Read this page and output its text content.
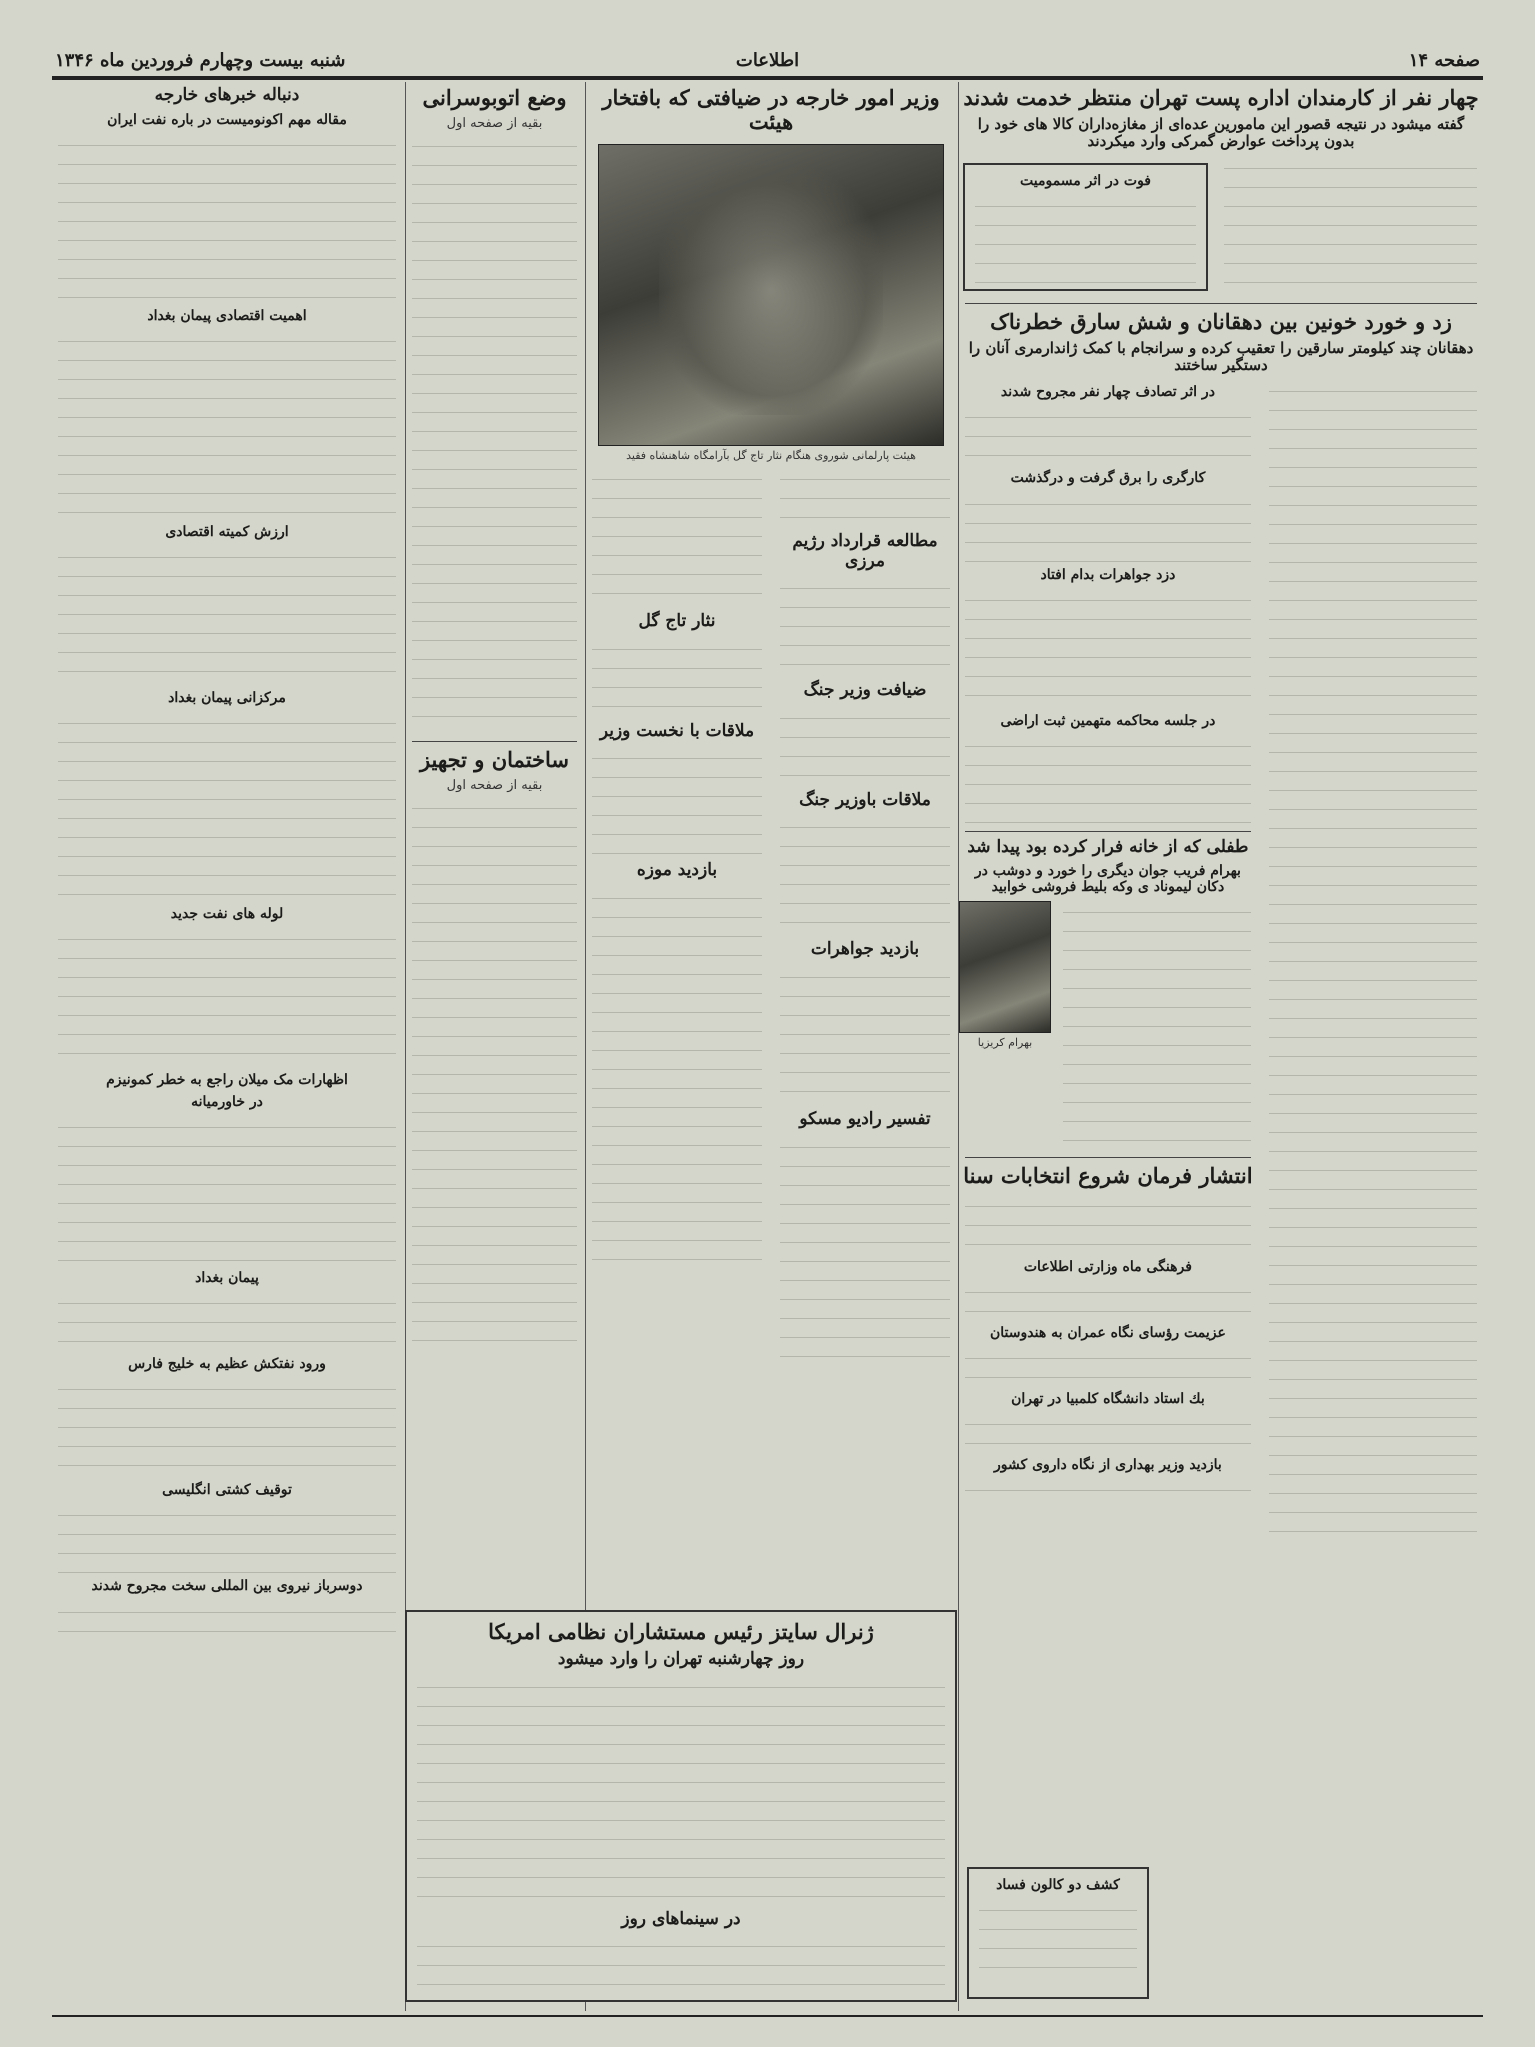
صفحه ۱۴
اطلاعات
شنبه بیست وچهارم فروردین ماه ۱۳۴۶
چهار نفر از کارمندان اداره پست تهران منتظر خدمت شدند
گفته میشود در نتیجه قصور این مامورین عده‌ای از مغازه‌داران کالا های خود را بدون پرداخت عوارض گمرکی وارد میکردند
فوت در اثر مسمومیت
زد و خورد خونین بین دهقانان و شش سارق خطرناک
دهقانان چند کیلومتر سارقین را تعقیب کرده و سرانجام با کمک ژاندارمری آنان را دستگیر ساختند
در اثر تصادف چهار نفر مجروح شدند
کارگری را برق گرفت و درگذشت
دزد جواهرات بدام افتاد
در جلسه محاکمه متهمین ثبت اراضی
طفلی که از خانه فرار کرده بود پیدا شد
بهرام فریب جوان دیگری را خورد و دوشب در دکان لیموناد ی وکه بلیط فروشی خوابید
بهرام کریزیا
انتشار فرمان شروع انتخابات سنا
فرهنگی ماه وزارتی اطلاعات
عزیمت رؤسای نگاه عمران به هندوستان
بك استاد دانشگاه کلمبیا در تهران
بازدید وزیر بهداری از نگاه داروی کشور
کشف دو کالون فساد
وزیر امور خارجه در ضیافتی که بافتخار هیئت
هیئت پارلمانی شوروی هنگام نثار تاج گل بآرامگاه شاهنشاه فقید
مطالعه قرارداد رژیم مرزی
ضیافت وزیر جنگ
ملاقات باوزیر جنگ
بازدید جواهرات
تفسیر رادیو مسکو
نثار تاج گل
ملاقات با نخست وزیر
بازدید موزه
وضع اتوبوسرانی
بقیه از صفحه اول
ساختمان و تجهیز
بقیه از صفحه اول
ژنرال سایتز رئیس مستشاران نظامی امریکا
روز چهارشنبه تهران را وارد میشود
در سینماهای روز
دنباله خبرهای خارجه
مقاله مهم اکونومیست در باره نفت ایران
اهمیت اقتصادی پیمان بغداد
ارزش کمیته اقتصادی
مرکزانی پیمان بغداد
لوله های نفت جدید
اظهارات مک میلان راجع به خطر کمونیزم
در خاورمیانه
پیمان بغداد
ورود نفتکش عظیم به خلیج فارس
توقیف کشتی انگلیسی
دوسرباز نیروی بین المللی سخت مجروح شدند
